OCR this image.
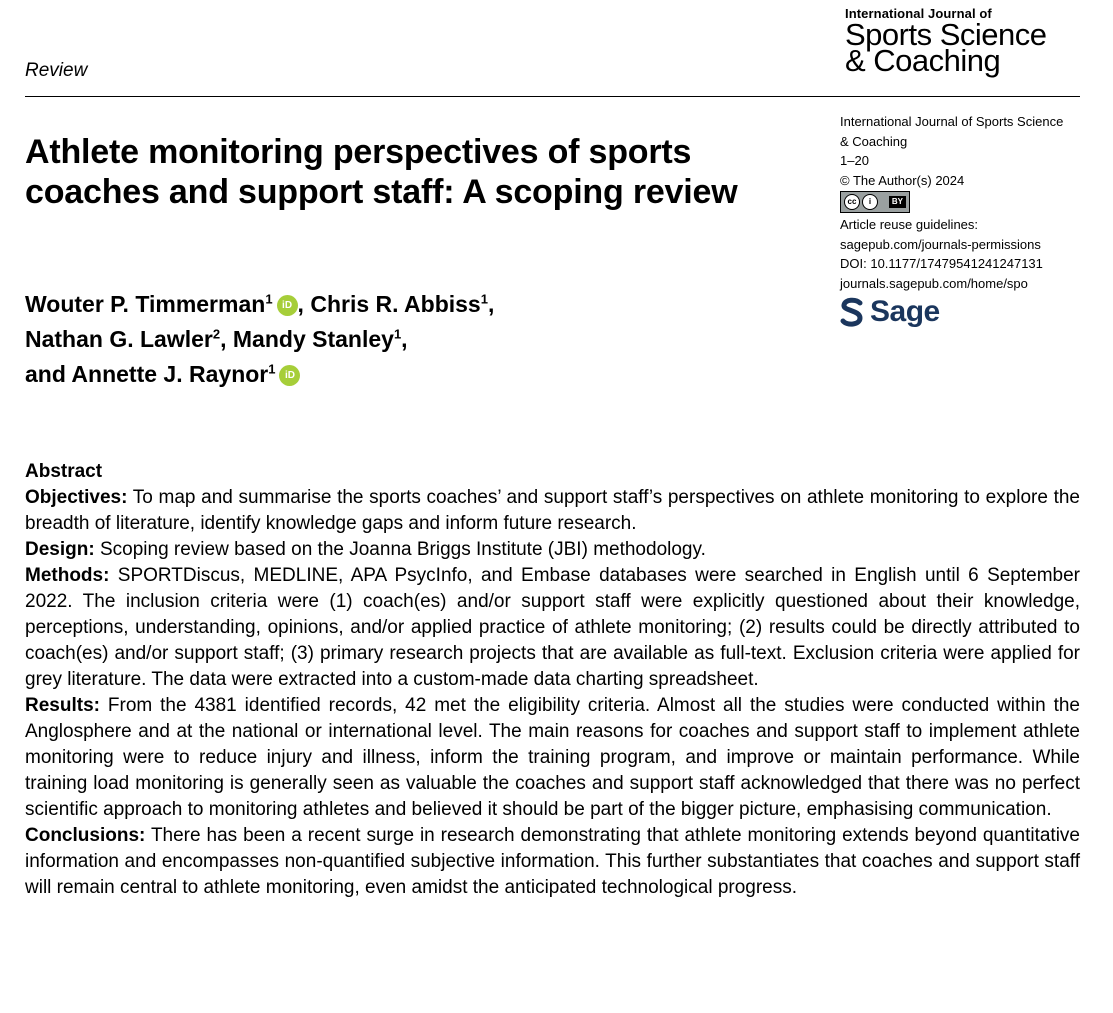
International Journal of
Sports Science
& Coaching
Review
Athlete monitoring perspectives of sports coaches and support staff: A scoping review
International Journal of Sports Science
& Coaching
1–20
© The Author(s) 2024
cc	i	BY
Article reuse guidelines:
sagepub.com/journals-permissions
DOI: 10.1177/17479541241247131
journals.sagepub.com/home/spo
Sage
Wouter P. Timmerman$^1$ iD , Chris R. Abbiss$^1$,
Nathan G. Lawler$^2$, Mandy Stanley$^1$,
and Annette J. Raynor$^1$ iD
Abstract

Objectives: To map and summarise the sports coaches’ and support staff’s perspectives on athlete monitoring to explore the breadth of literature, identify knowledge gaps and inform future research.

Design: Scoping review based on the Joanna Briggs Institute (JBI) methodology.

Methods: SPORTDiscus, MEDLINE, APA PsycInfo, and Embase databases were searched in English until 6 September 2022. The inclusion criteria were (1) coach(es) and/or support staff were explicitly questioned about their knowledge, perceptions, understanding, opinions, and/or applied practice of athlete monitoring; (2) results could be directly attributed to coach(es) and/or support staff; (3) primary research projects that are available as full-text. Exclusion criteria were applied for grey literature. The data were extracted into a custom-made data charting spreadsheet.

Results: From the 4381 identified records, 42 met the eligibility criteria. Almost all the studies were conducted within the Anglosphere and at the national or international level. The main reasons for coaches and support staff to implement athlete monitoring were to reduce injury and illness, inform the training program, and improve or maintain performance. While training load monitoring is generally seen as valuable the coaches and support staff acknowledged that there was no perfect scientific approach to monitoring athletes and believed it should be part of the bigger picture, emphasising communication.

Conclusions: There has been a recent surge in research demonstrating that athlete monitoring extends beyond quantitative information and encompasses non-quantified subjective information. This further substantiates that coaches and support staff will remain central to athlete monitoring, even amidst the anticipated technological progress.
